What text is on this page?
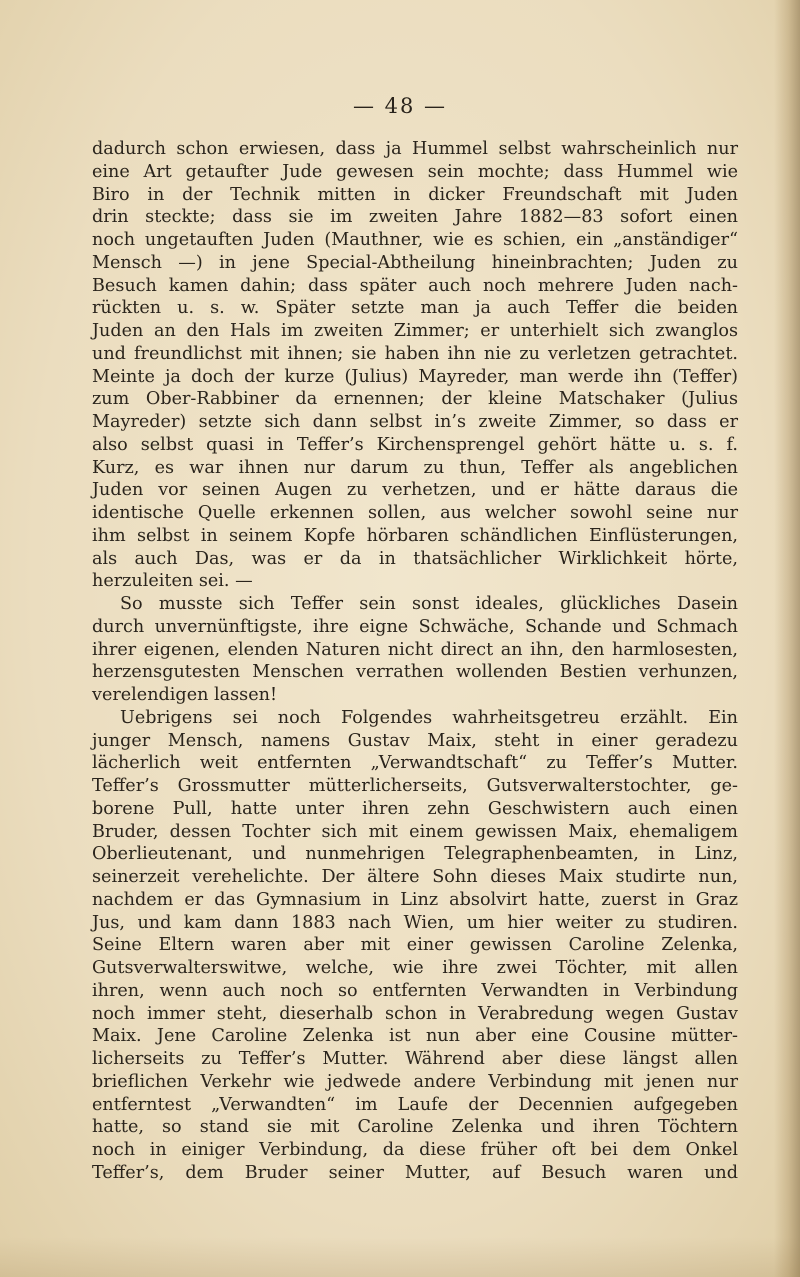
— 48 —
dadurch schon erwiesen, dass ja Hummel selbst wahrscheinlich nur
eine Art getaufter Jude gewesen sein mochte; dass Hummel wie
Biro in der Technik mitten in dicker Freundschaft mit Juden
drin steckte; dass sie im zweiten Jahre 1882—83 sofort einen
noch ungetauften Juden (Mauthner, wie es schien, ein „anständiger“
Mensch —) in jene Special-Abtheilung hineinbrachten; Juden zu
Besuch kamen dahin; dass später auch noch mehrere Juden nach-
rückten u. s. w. Später setzte man ja auch Teffer die beiden
Juden an den Hals im zweiten Zimmer; er unterhielt sich zwanglos
und freundlichst mit ihnen; sie haben ihn nie zu verletzen getrachtet.
Meinte ja doch der kurze (Julius) Mayreder, man werde ihn (Teffer)
zum Ober-Rabbiner da ernennen; der kleine Matschaker (Julius
Mayreder) setzte sich dann selbst in’s zweite Zimmer, so dass er
also selbst quasi in Teffer’s Kirchensprengel gehört hätte u. s. f.
Kurz, es war ihnen nur darum zu thun, Teffer als angeblichen
Juden vor seinen Augen zu verhetzen, und er hätte daraus die
identische Quelle erkennen sollen, aus welcher sowohl seine nur
ihm selbst in seinem Kopfe hörbaren schändlichen Einflüsterungen,
als auch Das, was er da in thatsächlicher Wirklichkeit hörte,
herzuleiten sei. —
So musste sich Teffer sein sonst ideales, glückliches Dasein
durch unvernünftigste, ihre eigne Schwäche, Schande und Schmach
ihrer eigenen, elenden Naturen nicht direct an ihn, den harmlosesten,
herzensgutesten Menschen verrathen wollenden Bestien verhunzen,
verelendigen lassen!
Uebrigens sei noch Folgendes wahrheitsgetreu erzählt. Ein
junger Mensch, namens Gustav Maix, steht in einer geradezu
lächerlich weit entfernten „Verwandtschaft“ zu Teffer’s Mutter.
Teffer’s Grossmutter mütterlicherseits, Gutsverwalterstochter, ge-
borene Pull, hatte unter ihren zehn Geschwistern auch einen
Bruder, dessen Tochter sich mit einem gewissen Maix, ehemaligem
Oberlieutenant, und nunmehrigen Telegraphenbeamten, in Linz,
seinerzeit verehelichte. Der ältere Sohn dieses Maix studirte nun,
nachdem er das Gymnasium in Linz absolvirt hatte, zuerst in Graz
Jus, und kam dann 1883 nach Wien, um hier weiter zu studiren.
Seine Eltern waren aber mit einer gewissen Caroline Zelenka,
Gutsverwalterswitwe, welche, wie ihre zwei Töchter, mit allen
ihren, wenn auch noch so entfernten Verwandten in Verbindung
noch immer steht, dieserhalb schon in Verabredung wegen Gustav
Maix. Jene Caroline Zelenka ist nun aber eine Cousine mütter-
licherseits zu Teffer’s Mutter. Während aber diese längst allen
brieflichen Verkehr wie jedwede andere Verbindung mit jenen nur
entferntest „Verwandten“ im Laufe der Decennien aufgegeben
hatte, so stand sie mit Caroline Zelenka und ihren Töchtern
noch in einiger Verbindung, da diese früher oft bei dem Onkel
Teffer’s, dem Bruder seiner Mutter, auf Besuch waren und
